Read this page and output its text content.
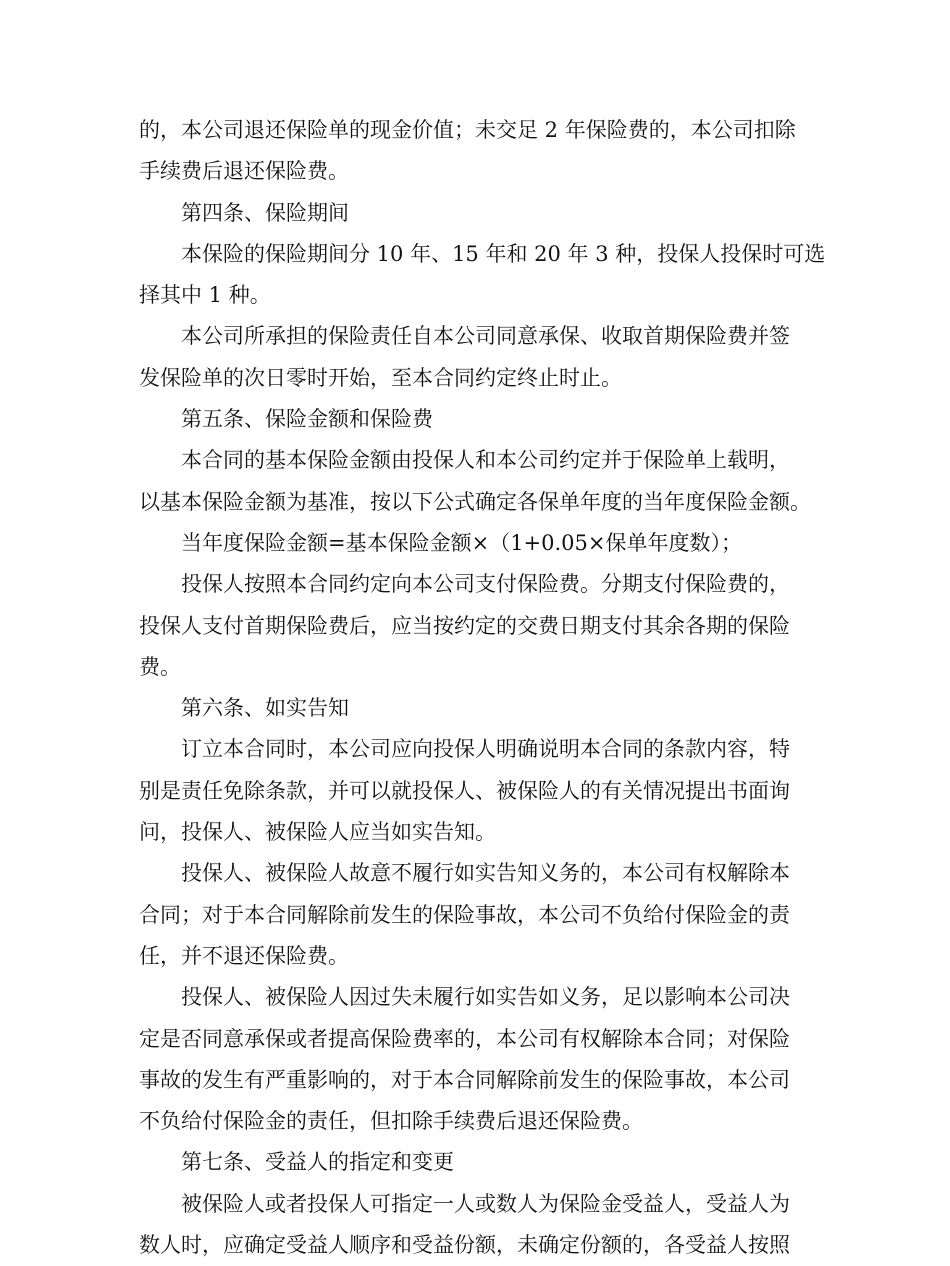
的，本公司退还保险单的现金价值；未交足 2 年保险费的，本公司扣除
手续费后退还保险费。
第四条、保险期间
本保险的保险期间分 10 年、15 年和 20 年 3 种，投保人投保时可选
择其中 1 种。
本公司所承担的保险责任自本公司同意承保、收取首期保险费并签
发保险单的次日零时开始，至本合同约定终止时止。
第五条、保险金额和保险费
本合同的基本保险金额由投保人和本公司约定并于保险单上载明，
以基本保险金额为基准，按以下公式确定各保单年度的当年度保险金额。
当年度保险金额=基本保险金额×（1+0.05×保单年度数）；
投保人按照本合同约定向本公司支付保险费。分期支付保险费的，
投保人支付首期保险费后，应当按约定的交费日期支付其余各期的保险
费。
第六条、如实告知
订立本合同时，本公司应向投保人明确说明本合同的条款内容，特
别是责任免除条款，并可以就投保人、被保险人的有关情况提出书面询
问，投保人、被保险人应当如实告知。
投保人、被保险人故意不履行如实告知义务的，本公司有权解除本
合同；对于本合同解除前发生的保险事故，本公司不负给付保险金的责
任，并不退还保险费。
投保人、被保险人因过失未履行如实告如义务，足以影响本公司决
定是否同意承保或者提高保险费率的，本公司有权解除本合同；对保险
事故的发生有严重影响的，对于本合同解除前发生的保险事故，本公司
不负给付保险金的责任，但扣除手续费后退还保险费。
第七条、受益人的指定和变更
被保险人或者投保人可指定一人或数人为保险金受益人，受益人为
数人时，应确定受益人顺序和受益份额，未确定份额的，各受益人按照
